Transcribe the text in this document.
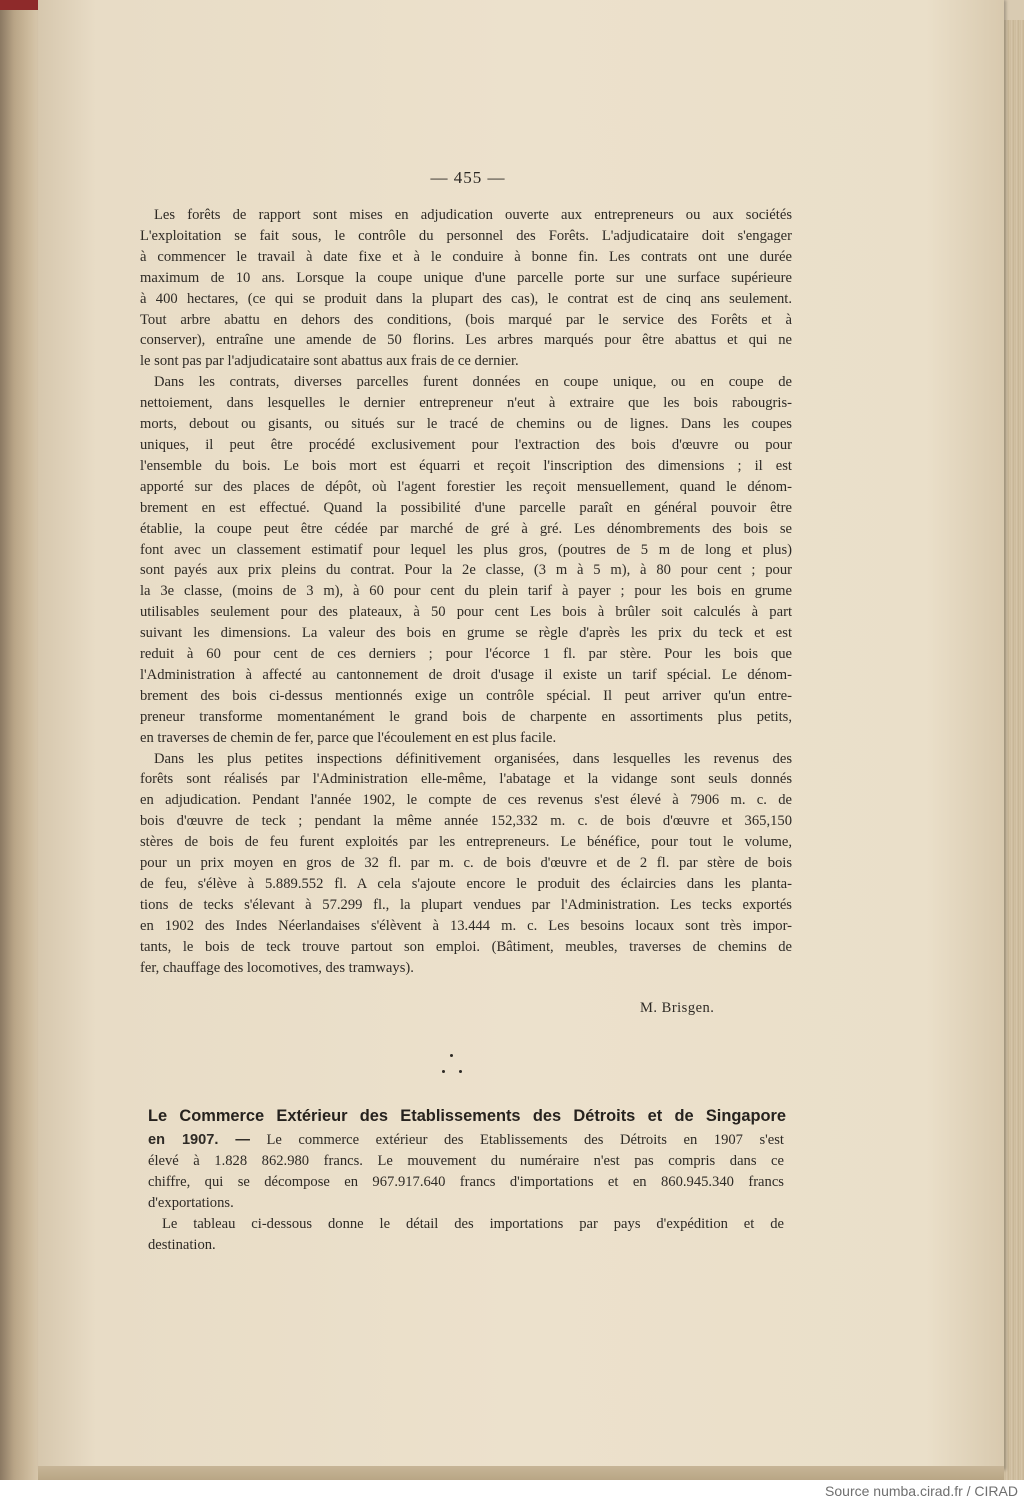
— 455 —
Les forêts de rapport sont mises en adjudication ouverte aux entrepreneurs ou aux sociétés
L'exploitation se fait sous, le contrôle du personnel des Forêts. L'adjudicataire doit s'engager
à commencer le travail à date fixe et à le conduire à bonne fin. Les contrats ont une durée
maximum de 10 ans. Lorsque la coupe unique d'une parcelle porte sur une surface supérieure
à 400 hectares, (ce qui se produit dans la plupart des cas), le contrat est de cinq ans seulement.
Tout arbre abattu en dehors des conditions, (bois marqué par le service des Forêts et à
conserver), entraîne une amende de 50 florins. Les arbres marqués pour être abattus et qui ne
le sont pas par l'adjudicataire sont abattus aux frais de ce dernier.
Dans les contrats, diverses parcelles furent données en coupe unique, ou en coupe de
nettoiement, dans lesquelles le dernier entrepreneur n'eut à extraire que les bois rabougris-
morts, debout ou gisants, ou situés sur le tracé de chemins ou de lignes. Dans les coupes
uniques, il peut être procédé exclusivement pour l'extraction des bois d'œuvre ou pour
l'ensemble du bois. Le bois mort est équarri et reçoit l'inscription des dimensions ; il est
apporté sur des places de dépôt, où l'agent forestier les reçoit mensuellement, quand le dénom-
brement en est effectué. Quand la possibilité d'une parcelle paraît en général pouvoir être
établie, la coupe peut être cédée par marché de gré à gré. Les dénombrements des bois se
font avec un classement estimatif pour lequel les plus gros, (poutres de 5 m de long et plus)
sont payés aux prix pleins du contrat. Pour la 2e classe, (3 m à 5 m), à 80 pour cent ; pour
la 3e classe, (moins de 3 m), à 60 pour cent du plein tarif à payer ; pour les bois en grume
utilisables seulement pour des plateaux, à 50 pour cent Les bois à brûler soit calculés à part
suivant les dimensions. La valeur des bois en grume se règle d'après les prix du teck et est
reduit à 60 pour cent de ces derniers ; pour l'écorce 1 fl. par stère. Pour les bois que
l'Administration à affecté au cantonnement de droit d'usage il existe un tarif spécial. Le dénom-
brement des bois ci-dessus mentionnés exige un contrôle spécial. Il peut arriver qu'un entre-
preneur transforme momentanément le grand bois de charpente en assortiments plus petits,
en traverses de chemin de fer, parce que l'écoulement en est plus facile.
Dans les plus petites inspections définitivement organisées, dans lesquelles les revenus des
forêts sont réalisés par l'Administration elle-même, l'abatage et la vidange sont seuls donnés
en adjudication. Pendant l'année 1902, le compte de ces revenus s'est élevé à 7906 m. c. de
bois d'œuvre de teck ; pendant la même année 152,332 m. c. de bois d'œuvre et 365,150
stères de bois de feu furent exploités par les entrepreneurs. Le bénéfice, pour tout le volume,
pour un prix moyen en gros de 32 fl. par m. c. de bois d'œuvre et de 2 fl. par stère de bois
de feu, s'élève à 5.889.552 fl. A cela s'ajoute encore le produit des éclaircies dans les planta-
tions de tecks s'élevant à 57.299 fl., la plupart vendues par l'Administration. Les tecks exportés
en 1902 des Indes Néerlandaises s'élèvent à 13.444 m. c. Les besoins locaux sont très impor-
tants, le bois de teck trouve partout son emploi. (Bâtiment, meubles, traverses de chemins de
fer, chauffage des locomotives, des tramways).
M. Brisgen.
Le Commerce Extérieur des Etablissements des Détroits et de Singapore
en 1907. — Le commerce extérieur des Etablissements des Détroits en 1907 s'est
élevé à 1.828 862.980 francs. Le mouvement du numéraire n'est pas compris dans ce
chiffre, qui se décompose en 967.917.640 francs d'importations et en 860.945.340 francs
d'exportations.
Le tableau ci-dessous donne le détail des importations par pays d'expédition et de
destination.
Source numba.cirad.fr / CIRAD
